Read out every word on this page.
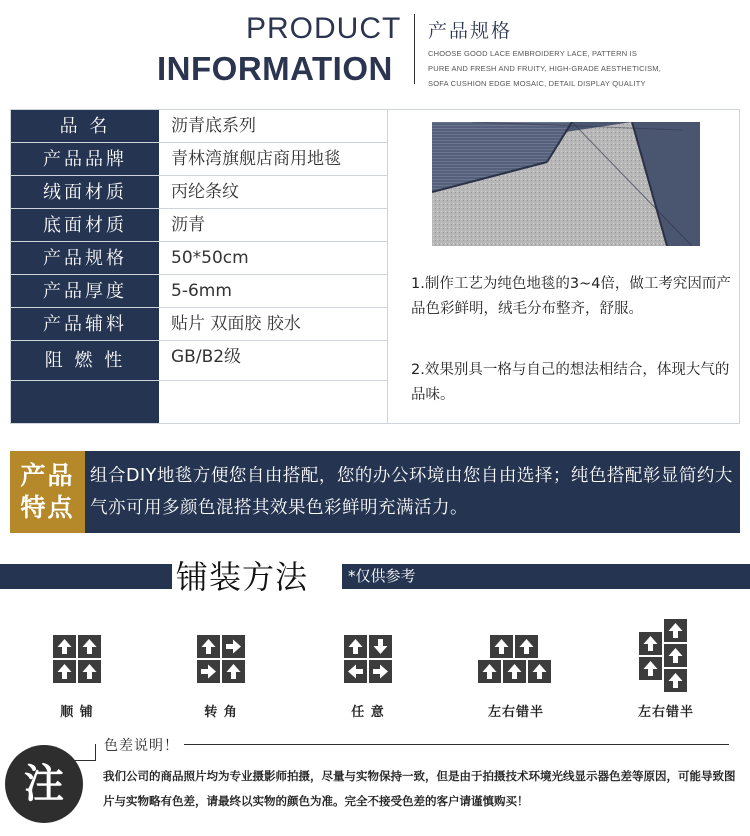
PRODUCT
INFORMATION
产品规格
CHOOSE GOOD LACE EMBROIDERY LACE, PATTERN IS
PURE AND FRESH AND FRUITY, HIGH-GRADE AESTHETICISM,
SOFA CUSHION EDGE MOSAIC, DETAIL DISPLAY QUALITY
品 名	沥青底系列
产品品牌	青林湾旗舰店商用地毯
绒面材质	丙纶条纹
底面材质	沥青
产品规格	50*50cm
产品厚度	5-6mm
产品辅料	贴片 双面胶 胶水
阻 燃 性	GB/B2级
1.制作工艺为纯色地毯的3~4倍，做工考究因而产品色彩鲜明，绒毛分布整齐，舒服。
2.效果别具一格与自己的想法相结合，体现大气的品味。
产品
特点
组合DIY地毯方便您自由搭配，您的办公环境由您自由选择；纯色搭配彰显简约大气亦可用多颜色混搭其效果色彩鲜明充满活力。
铺装方法	*仅供参考
顺 铺	转 角	任 意	左右错半	左右错半
注
色差说明！
我们公司的商品照片均为专业摄影师拍摄，尽量与实物保持一致，但是由于拍摄技术环境光线显示器色差等原因，可能导致图片与实物略有色差，请最终以实物的颜色为准。完全不接受色差的客户请谨慎购买！
